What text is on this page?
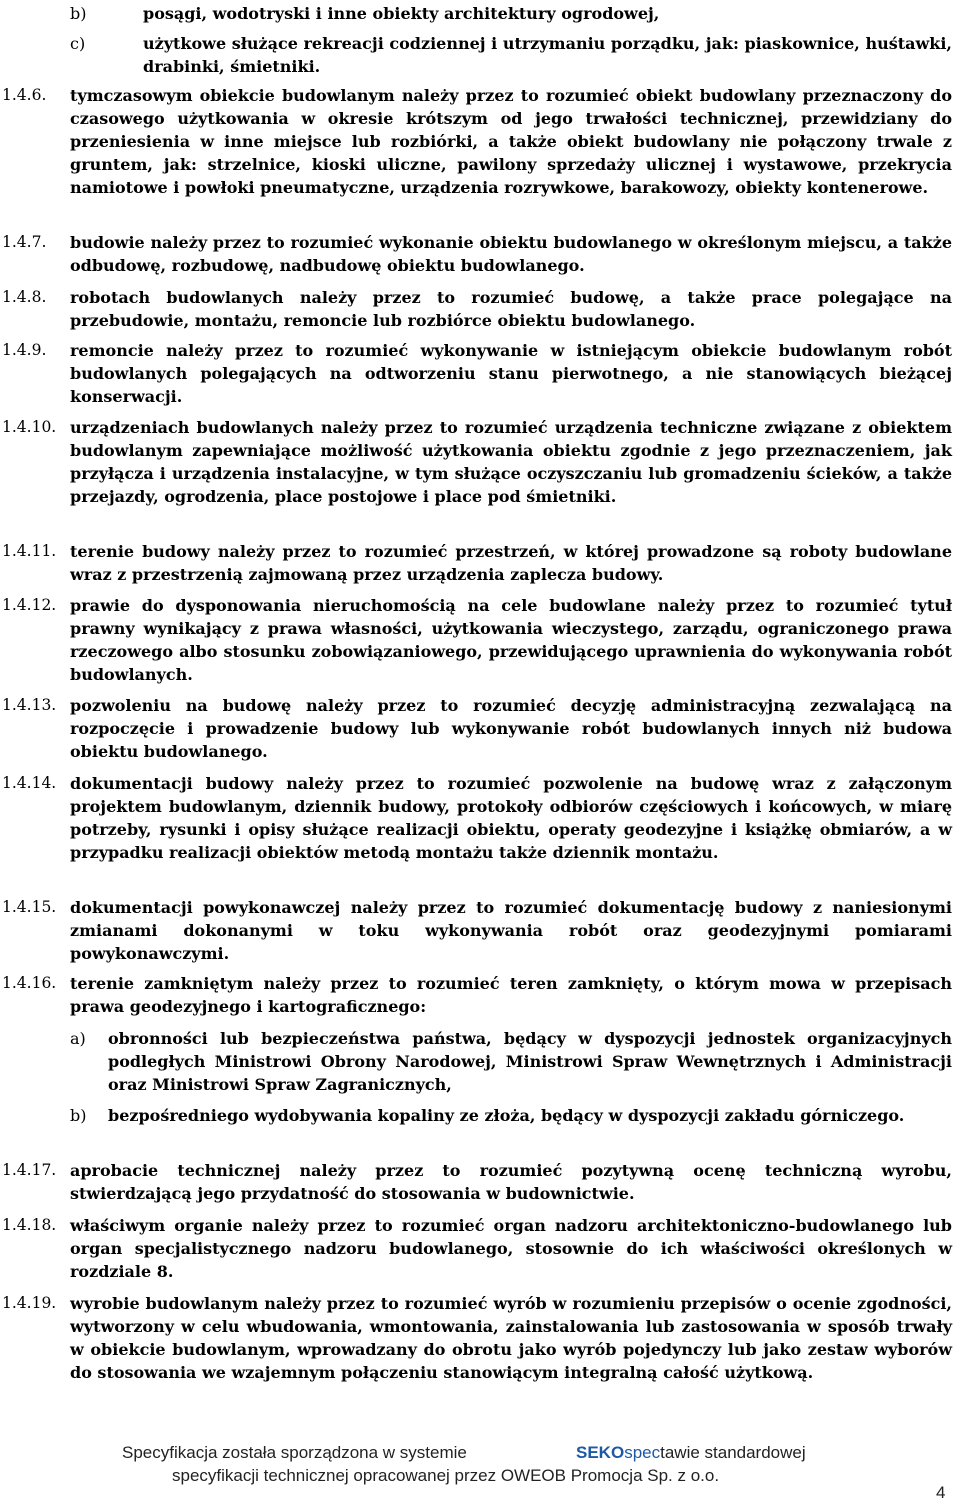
b)	posągi, wodotryski i inne obiekty architektury ogrodowej,
c)	użytkowe służące rekreacji codziennej i utrzymaniu porządku, jak: piaskownice, huśtawki, drabinki, śmietniki.
1.4.6. tymczasowym obiekcie budowlanym należy przez to rozumieć obiekt budowlany przeznaczony do czasowego użytkowania w okresie krótszym od jego trwałości technicznej, przewidziany do przeniesienia w inne miejsce lub rozbiórki, a także obiekt budowlany nie połączony trwale z gruntem, jak: strzelnice, kioski uliczne, pawilony sprzedaży ulicznej i wystawowe, przekrycia namiotowe i powłoki pneumatyczne, urządzenia rozrywkowe, barakowozy, obiekty kontenerowe.
1.4.7. budowie należy przez to rozumieć wykonanie obiektu budowlanego w określonym miejscu, a także odbudowę, rozbudowę, nadbudowę obiektu budowlanego.
1.4.8. robotach budowlanych należy przez to rozumieć budowę, a także prace polegające na przebudowie, montażu, remoncie lub rozbiórce obiektu budowlanego.
1.4.9. remoncie należy przez to rozumieć wykonywanie w istniejącym obiekcie budowlanym robót budowlanych polegających na odtworzeniu stanu pierwotnego, a nie stanowiących bieżącej konserwacji.
1.4.10. urządzeniach budowlanych należy przez to rozumieć urządzenia techniczne związane z obiektem budowlanym zapewniające możliwość użytkowania obiektu zgodnie z jego przeznaczeniem, jak przyłącza i urządzenia instalacyjne, w tym służące oczyszczaniu lub gromadzeniu ścieków, a także przejazdy, ogrodzenia, place postojowe i place pod śmietniki.
1.4.11. terenie budowy należy przez to rozumieć przestrzeń, w której prowadzone są roboty budowlane wraz z przestrzenią zajmowaną przez urządzenia zaplecza budowy.
1.4.12. prawie do dysponowania nieruchomością na cele budowlane należy przez to rozumieć tytuł prawny wynikający z prawa własności, użytkowania wieczystego, zarządu, ograniczonego prawa rzeczowego albo stosunku zobowiązaniowego, przewidującego uprawnienia do wykonywania robót budowlanych.
1.4.13. pozwoleniu na budowę należy przez to rozumieć decyzję administracyjną zezwalającą na rozpoczęcie i prowadzenie budowy lub wykonywanie robót budowlanych innych niż budowa obiektu budowlanego.
1.4.14. dokumentacji budowy należy przez to rozumieć pozwolenie na budowę wraz z załączonym projektem budowlanym, dziennik budowy, protokoły odbiorów częściowych i końcowych, w miarę potrzeby, rysunki i opisy służące realizacji obiektu, operaty geodezyjne i książkę obmiarów, a w przypadku realizacji obiektów metodą montażu także dziennik montażu.
1.4.15. dokumentacji powykonawczej należy przez to rozumieć dokumentację budowy z naniesionymi zmianami dokonanymi w toku wykonywania robót oraz geodezyjnymi pomiarami powykonawczymi.
1.4.16. terenie zamkniętym należy przez to rozumieć teren zamknięty, o którym mowa w przepisach prawa geodezyjnego i kartograficznego:
a) obronności lub bezpieczeństwa państwa, będący w dyspozycji jednostek organizacyjnych podległych Ministrowi Obrony Narodowej, Ministrowi Spraw Wewnętrznych i Administracji oraz Ministrowi Spraw Zagranicznych,
b) bezpośredniego wydobywania kopaliny ze złoża, będący w dyspozycji zakładu górniczego.
1.4.17. aprobacie technicznej należy przez to rozumieć pozytywną ocenę techniczną wyrobu, stwierdzającą jego przydatność do stosowania w budownictwie.
1.4.18. właściwym organie należy przez to rozumieć organ nadzoru architektoniczno-budowlanego lub organ specjalistycznego nadzoru budowlanego, stosownie do ich właściwości określonych w rozdziale 8.
1.4.19. wyrobie budowlanym należy przez to rozumieć wyrób w rozumieniu przepisów o ocenie zgodności, wytworzony w celu wbudowania, wmontowania, zainstalowania lub zastosowania w sposób trwały w obiekcie budowlanym, wprowadzany do obrotu jako wyrób pojedynczy lub jako zestaw wyborów do stosowania we wzajemnym połączeniu stanowiącym integralną całość użytkową.
Specyfikacja została sporządzona w systemie	SEKOspectawie standardowej
specyfikacji technicznej opracowanej przez OWEOB Promocja Sp. z o.o.
4
